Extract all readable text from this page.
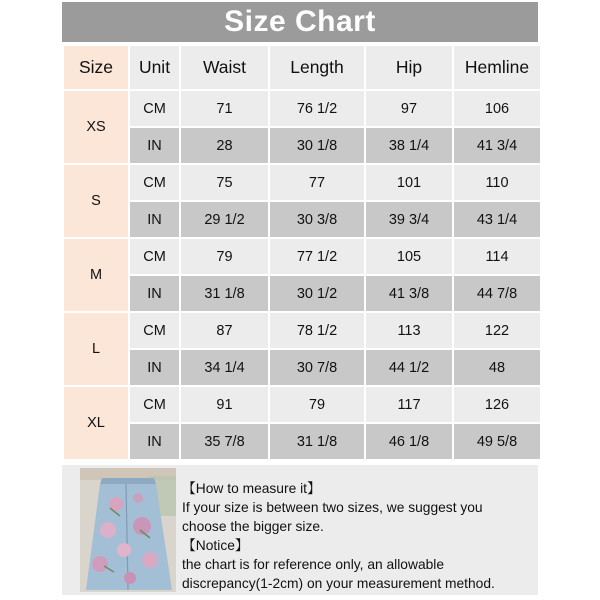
Size Chart
Size	Unit	Waist	Length	Hip	Hemline
XS	CM	71	76 1/2	97	106
	IN	28	30 1/8	38 1/4	41 3/4
S	CM	75	77	101	110
	IN	29 1/2	30 3/8	39 3/4	43 1/4
M	CM	79	77 1/2	105	114
	IN	31 1/8	30 1/2	41 3/8	44 7/8
L	CM	87	78 1/2	113	122
	IN	34 1/4	30 7/8	44 1/2	48
XL	CM	91	79	117	126
	IN	35 7/8	31 1/8	46 1/8	49 5/8
【How to measure it】
If your size is between two sizes, we suggest you
choose the bigger size.
【Notice】
the chart is for reference only, an allowable
discrepancy(1-2cm) on your measurement method.
